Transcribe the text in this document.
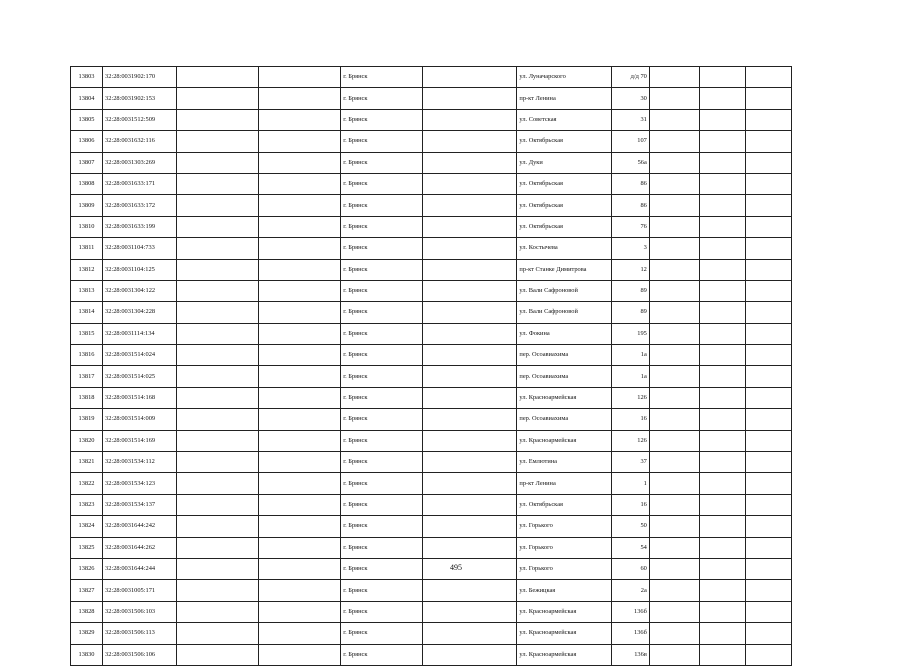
13803	32:28:0031902:170			г. Брянск		ул. Луначарского	д/д 70			
13804	32:28:0031902:153			г. Брянск		пр-кт Ленина	30			
13805	32:28:0031512:509			г. Брянск		ул. Советская	31			
13806	32:28:0031632:116			г. Брянск		ул. Октябрьская	107			
13807	32:28:0031303:269			г. Брянск		ул. Дуки	56а			
13808	32:28:0031633:171			г. Брянск		ул. Октябрьская	86			
13809	32:28:0031633:172			г. Брянск		ул. Октябрьская	86			
13810	32:28:0031633:199			г. Брянск		ул. Октябрьская	76			
13811	32:28:0031104:733			г. Брянск		ул. Костычева	3			
13812	32:28:0031104:125			г. Брянск		пр-кт Станке Димитрова	12			
13813	32:28:0031304:122			г. Брянск		ул. Вали Сафроновой	89			
13814	32:28:0031304:228			г. Брянск		ул. Вали Сафроновой	89			
13815	32:28:0031114:134			г. Брянск		ул. Фокина	195			
13816	32:28:0031514:024			г. Брянск		пер. Осоавиахима	1а			
13817	32:28:0031514:025			г. Брянск		пер. Осоавиахима	1а			
13818	32:28:0031514:168			г. Брянск		ул. Красноармейская	126			
13819	32:28:0031514:009			г. Брянск		пер. Осоавиахима	16			
13820	32:28:0031514:169			г. Брянск		ул. Красноармейская	126			
13821	32:28:0031534:112			г. Брянск		ул. Емлютина	37			
13822	32:28:0031534:123			г. Брянск		пр-кт Ленина	1			
13823	32:28:0031534:137			г. Брянск		ул. Октябрьская	16			
13824	32:28:0031644:242			г. Брянск		ул. Горького	50			
13825	32:28:0031644:262			г. Брянск		ул. Горького	54			
13826	32:28:0031644:244			г. Брянск		ул. Горького	60			
13827	32:28:0031005:171			г. Брянск		ул. Бежицкая	2а			
13828	32:28:0031506:103			г. Брянск		ул. Красноармейская	136б			
13829	32:28:0031506:113			г. Брянск		ул. Красноармейская	136б			
13830	32:28:0031506:106			г. Брянск		ул. Красноармейская	136в			
495
